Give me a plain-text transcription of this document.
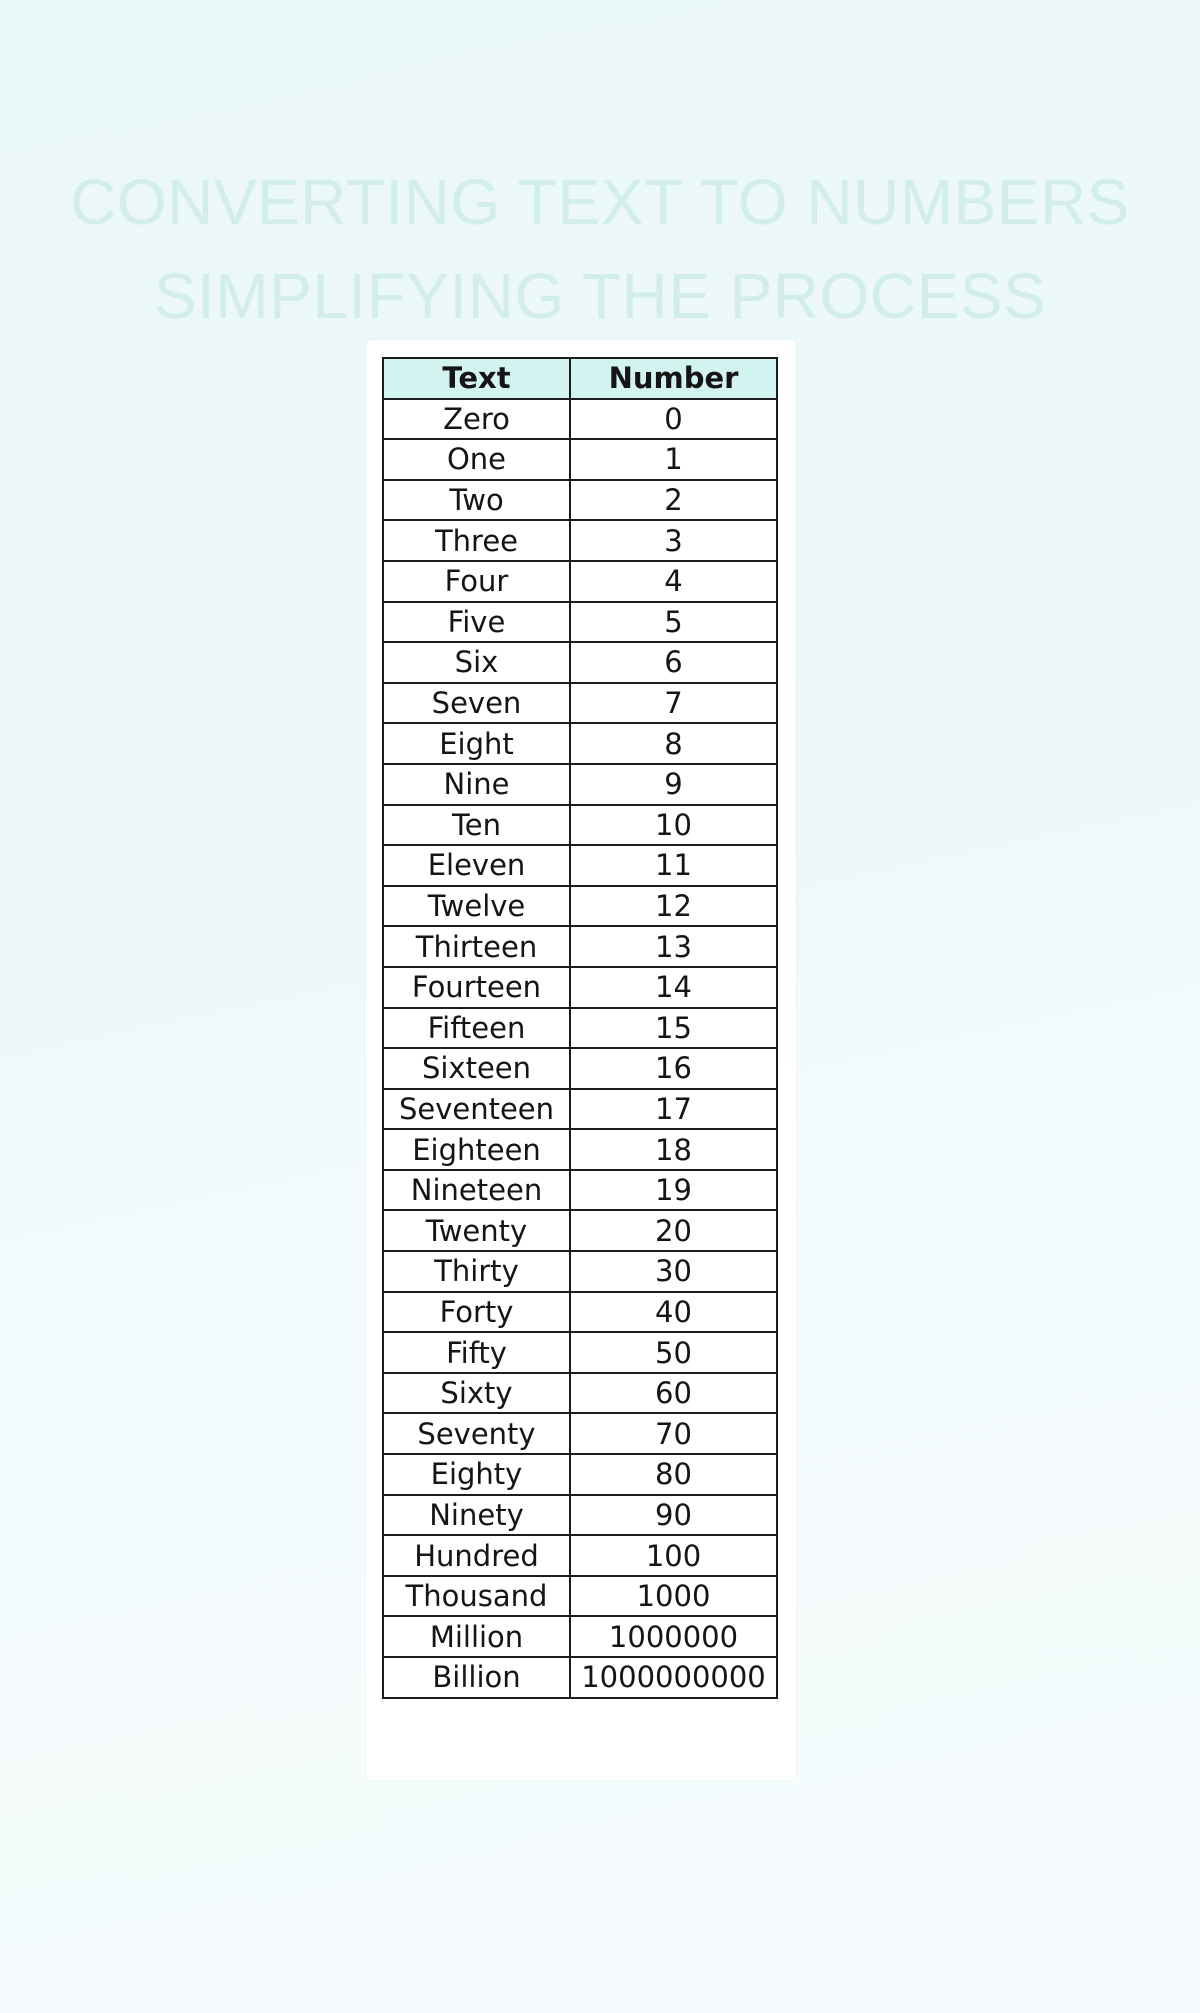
CONVERTING TEXT TO NUMBERS
SIMPLIFYING THE PROCESS
Text	Number
Zero	0
One	1
Two	2
Three	3
Four	4
Five	5
Six	6
Seven	7
Eight	8
Nine	9
Ten	10
Eleven	11
Twelve	12
Thirteen	13
Fourteen	14
Fifteen	15
Sixteen	16
Seventeen	17
Eighteen	18
Nineteen	19
Twenty	20
Thirty	30
Forty	40
Fifty	50
Sixty	60
Seventy	70
Eighty	80
Ninety	90
Hundred	100
Thousand	1000
Million	1000000
Billion	1000000000
